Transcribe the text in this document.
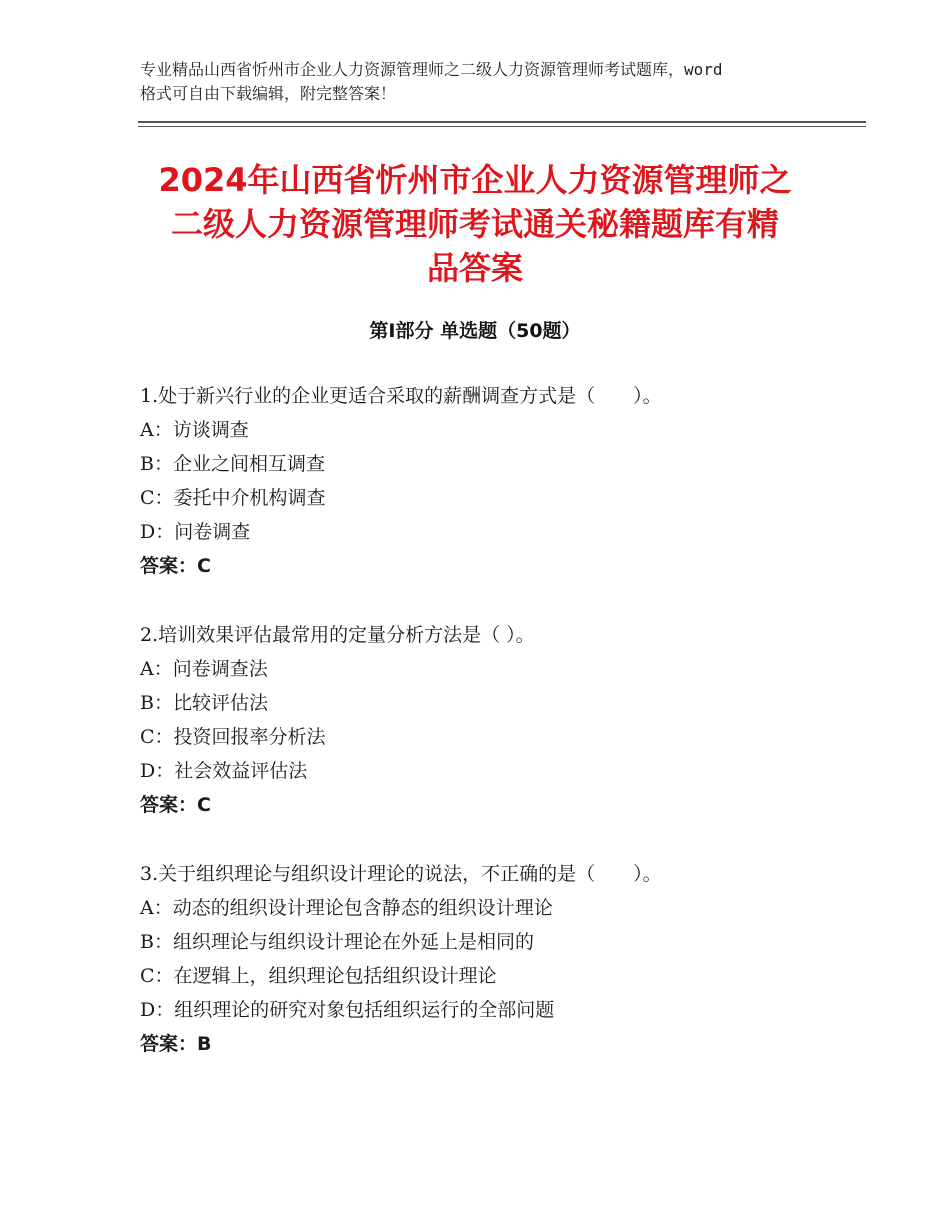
专业精品山西省忻州市企业人力资源管理师之二级人力资源管理师考试题库，word
格式可自由下载编辑，附完整答案！
2024年山西省忻州市企业人力资源管理师之
二级人力资源管理师考试通关秘籍题库有精
品答案
第Ⅰ部分 单选题（50题）
1.处于新兴行业的企业更适合采取的薪酬调查方式是（　　）。
A：访谈调查
B：企业之间相互调查
C：委托中介机构调查
D：问卷调查
答案：C
2.培训效果评估最常用的定量分析方法是（ ）。
A：问卷调查法
B：比较评估法
C：投资回报率分析法
D：社会效益评估法
答案：C
3.关于组织理论与组织设计理论的说法，不正确的是（　　）。
A：动态的组织设计理论包含静态的组织设计理论
B：组织理论与组织设计理论在外延上是相同的
C：在逻辑上，组织理论包括组织设计理论
D：组织理论的研究对象包括组织运行的全部问题
答案：B
